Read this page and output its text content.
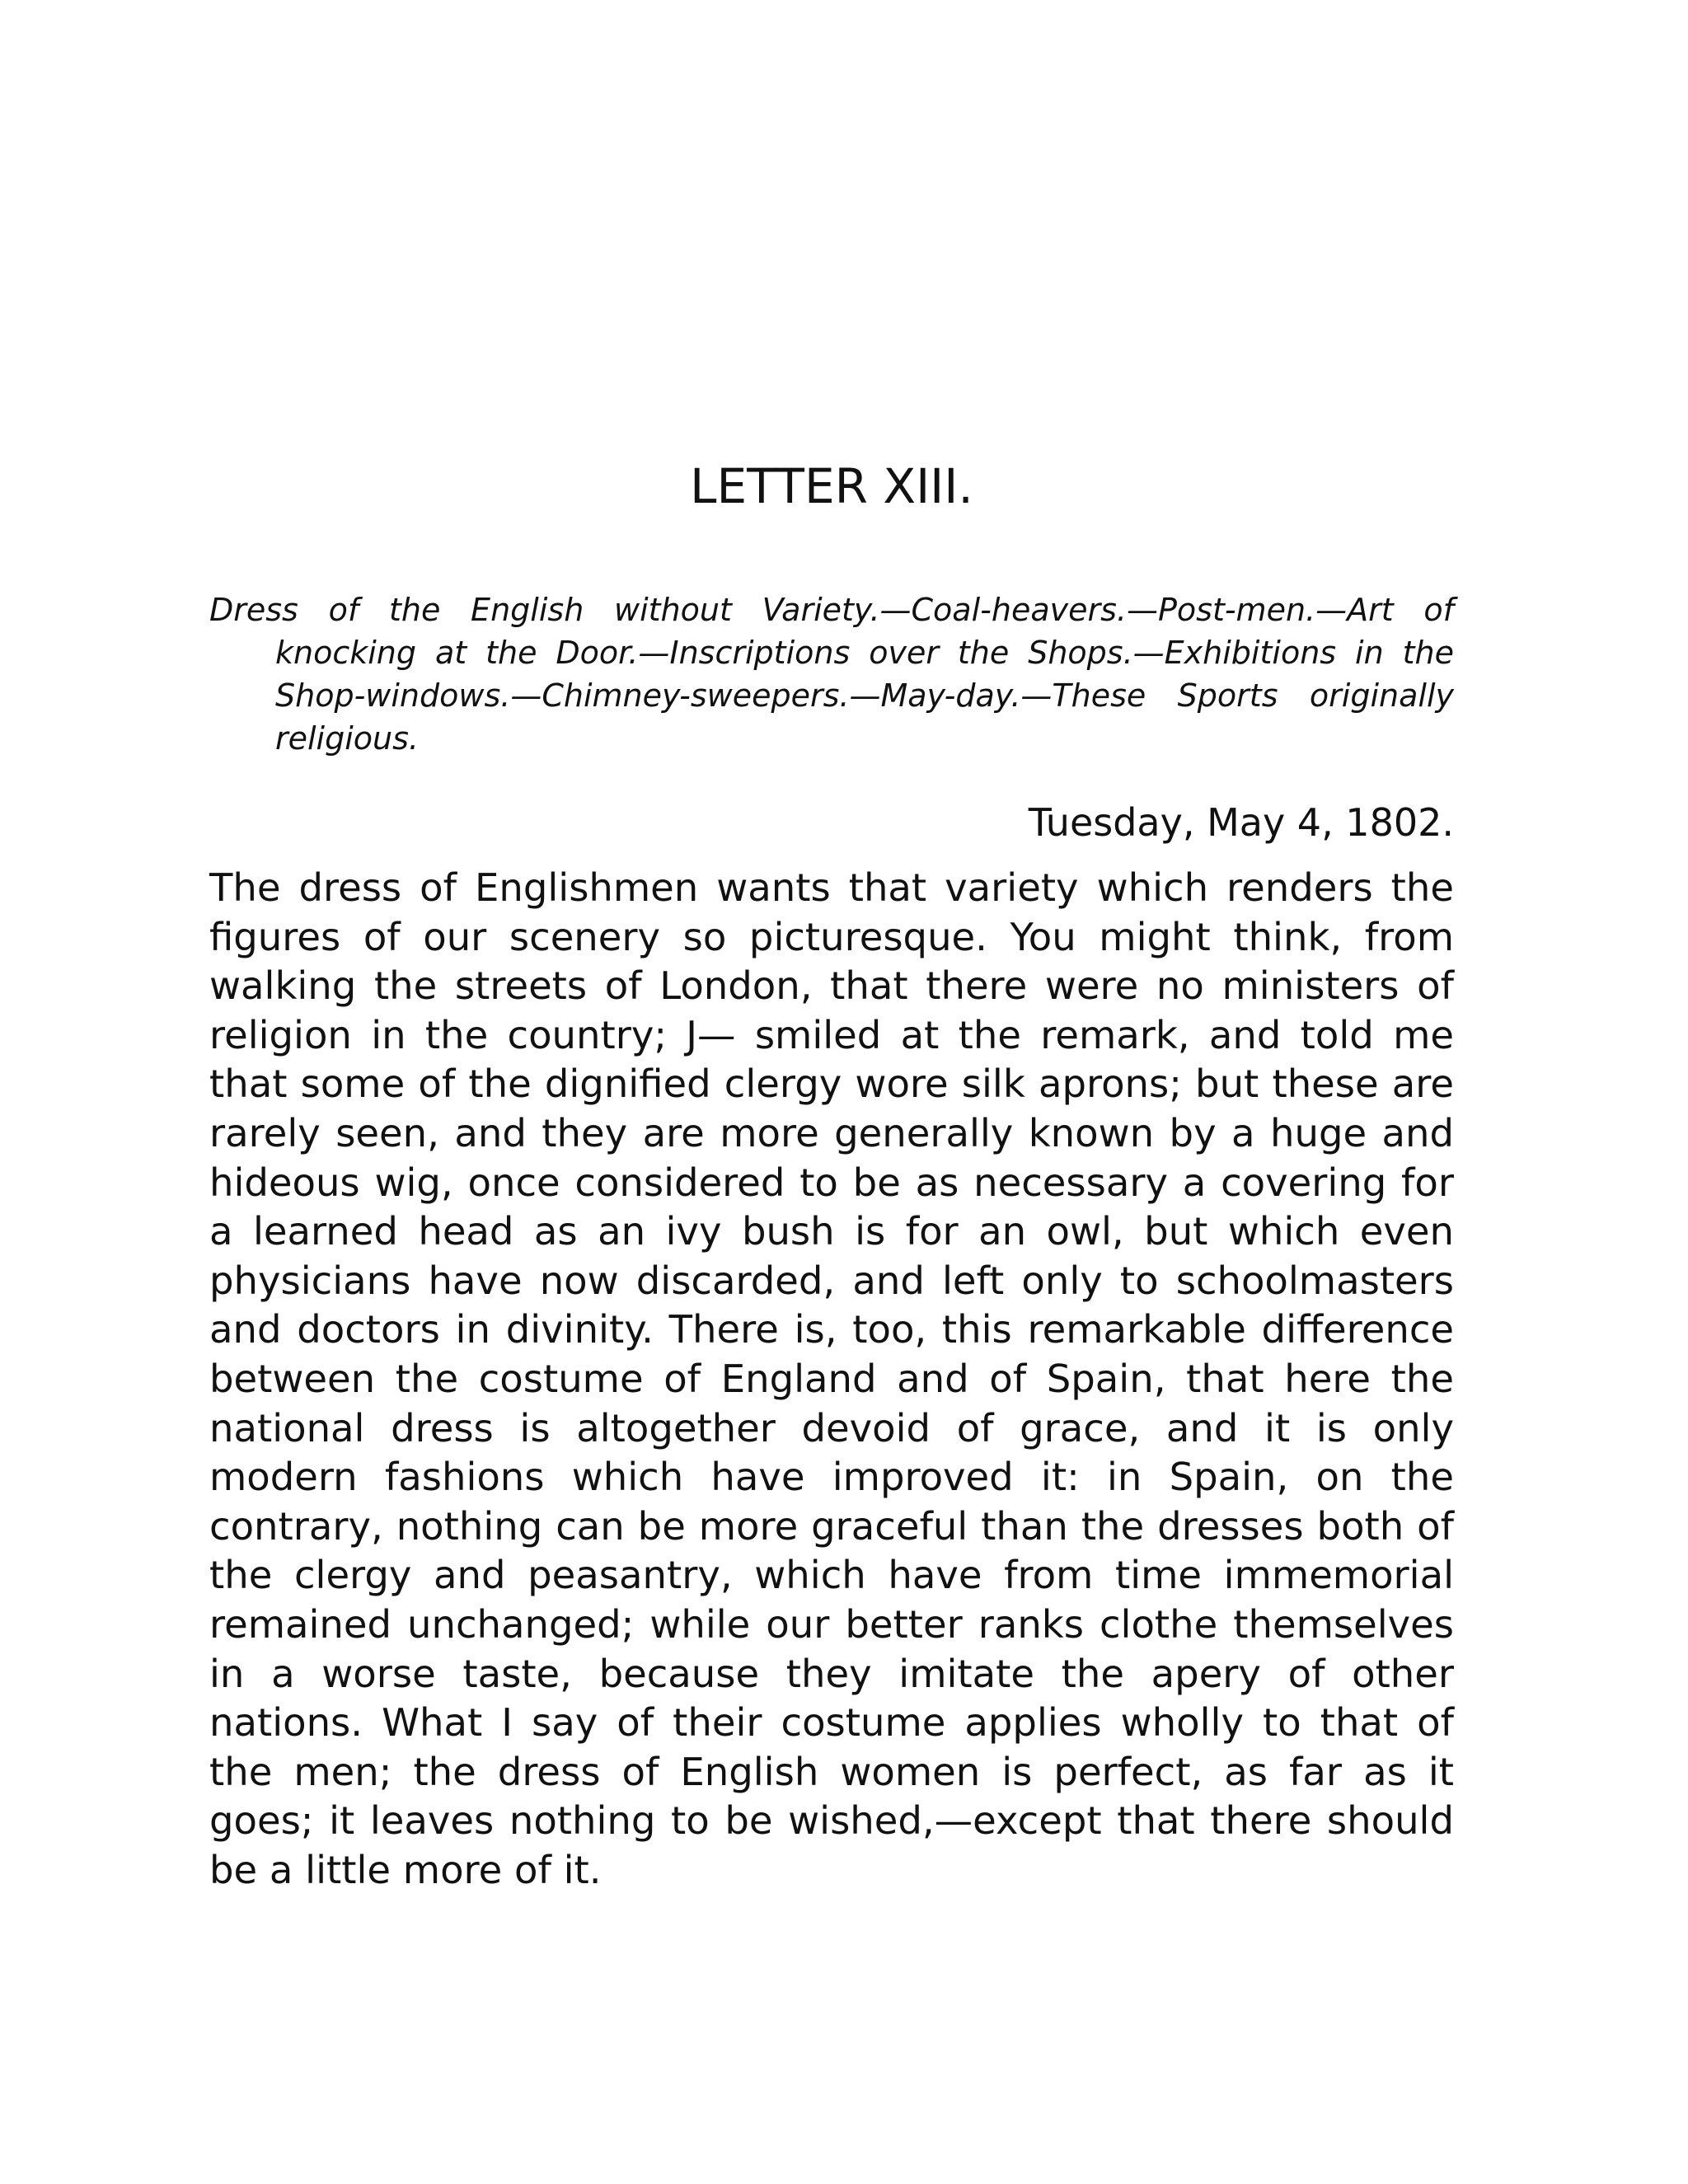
LETTER XIII.

Dress of the English without Variety.—Coal-heavers.—Post-men.—Art of knocking at the Door.—Inscriptions over the Shops.—Exhibitions in the Shop-windows.—Chimney-sweepers.—May-day.—These Sports originally religious.

Tuesday, May 4, 1802.

The dress of Englishmen wants that variety which renders the figures of our scenery so picturesque. You might think, from walking the streets of London, that there were no ministers of religion in the country; J— smiled at the remark, and told me that some of the dignified clergy wore silk aprons; but these are rarely seen, and they are more generally known by a huge and hideous wig, once considered to be as necessary a covering for a learned head as an ivy bush is for an owl, but which even physicians have now discarded, and left only to schoolmasters and doctors in divinity. There is, too, this remarkable difference between the costume of England and of Spain, that here the national dress is altogether devoid of grace, and it is only modern fashions which have improved it: in Spain, on the contrary, nothing can be more graceful than the dresses both of the clergy and peasantry, which have from time immemorial remained unchanged; while our better ranks clothe themselves in a worse taste, because they imitate the apery of other nations. What I say of their costume applies wholly to that of the men; the dress of English women is perfect, as far as it goes; it leaves nothing to be wished,—except that there should be a little more of it.
